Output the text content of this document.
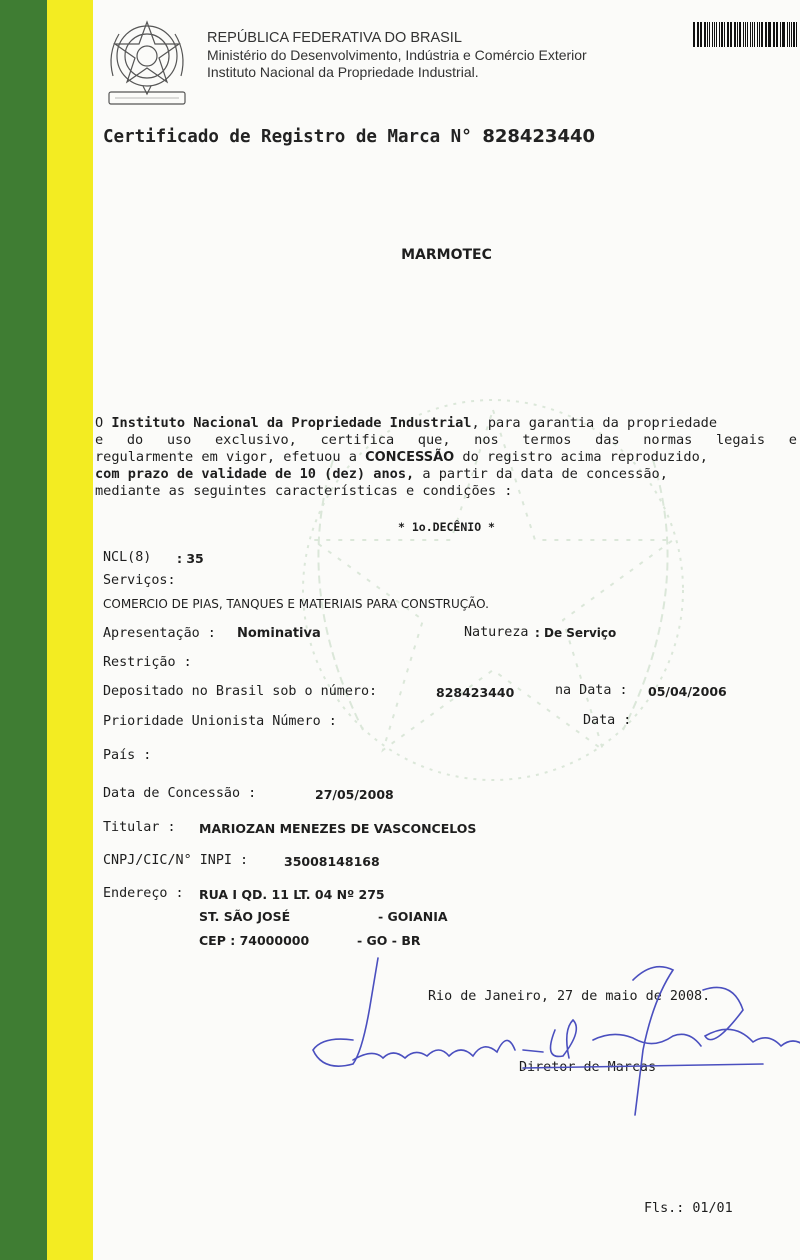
REPÚBLICA FEDERATIVA DO BRASIL
Ministério do Desenvolvimento, Indústria e Comércio Exterior
Instituto Nacional da Propriedade Industrial.
Certificado de Registro de Marca N° 828423440
MARMOTEC
O Instituto Nacional da Propriedade Industrial, para garantia da propriedade
e do uso exclusivo, certifica que, nos termos das normas legais e
regularmente em vigor, efetuou a CONCESSÃO do registro acima reproduzido,
com prazo de validade de 10 (dez) anos, a partir da data de concessão,
mediante as seguintes características e condições :
* 1o.DECÊNIO *
NCL(8) : 35
Serviços:
COMERCIO DE PIAS, TANQUES E MATERIAIS PARA CONSTRUÇÃO.
Apresentação : Nominativa	Natureza : De Serviço
Restrição :
Depositado no Brasil sob o número:	828423440	na Data : 05/04/2006
Prioridade Unionista Número :	Data :
País :
Data de Concessão :	27/05/2008
Titular : MARIOZAN MENEZES DE VASCONCELOS
CNPJ/CIC/N° INPI :	35008148168
Endereço : RUA I QD. 11 LT. 04 Nº 275
ST. SÃO JOSÉ	- GOIANIA
CEP : 74000000	- GO - BR
Rio de Janeiro, 27 de maio de 2008.
Diretor de Marcas
Fls.: 01/01
